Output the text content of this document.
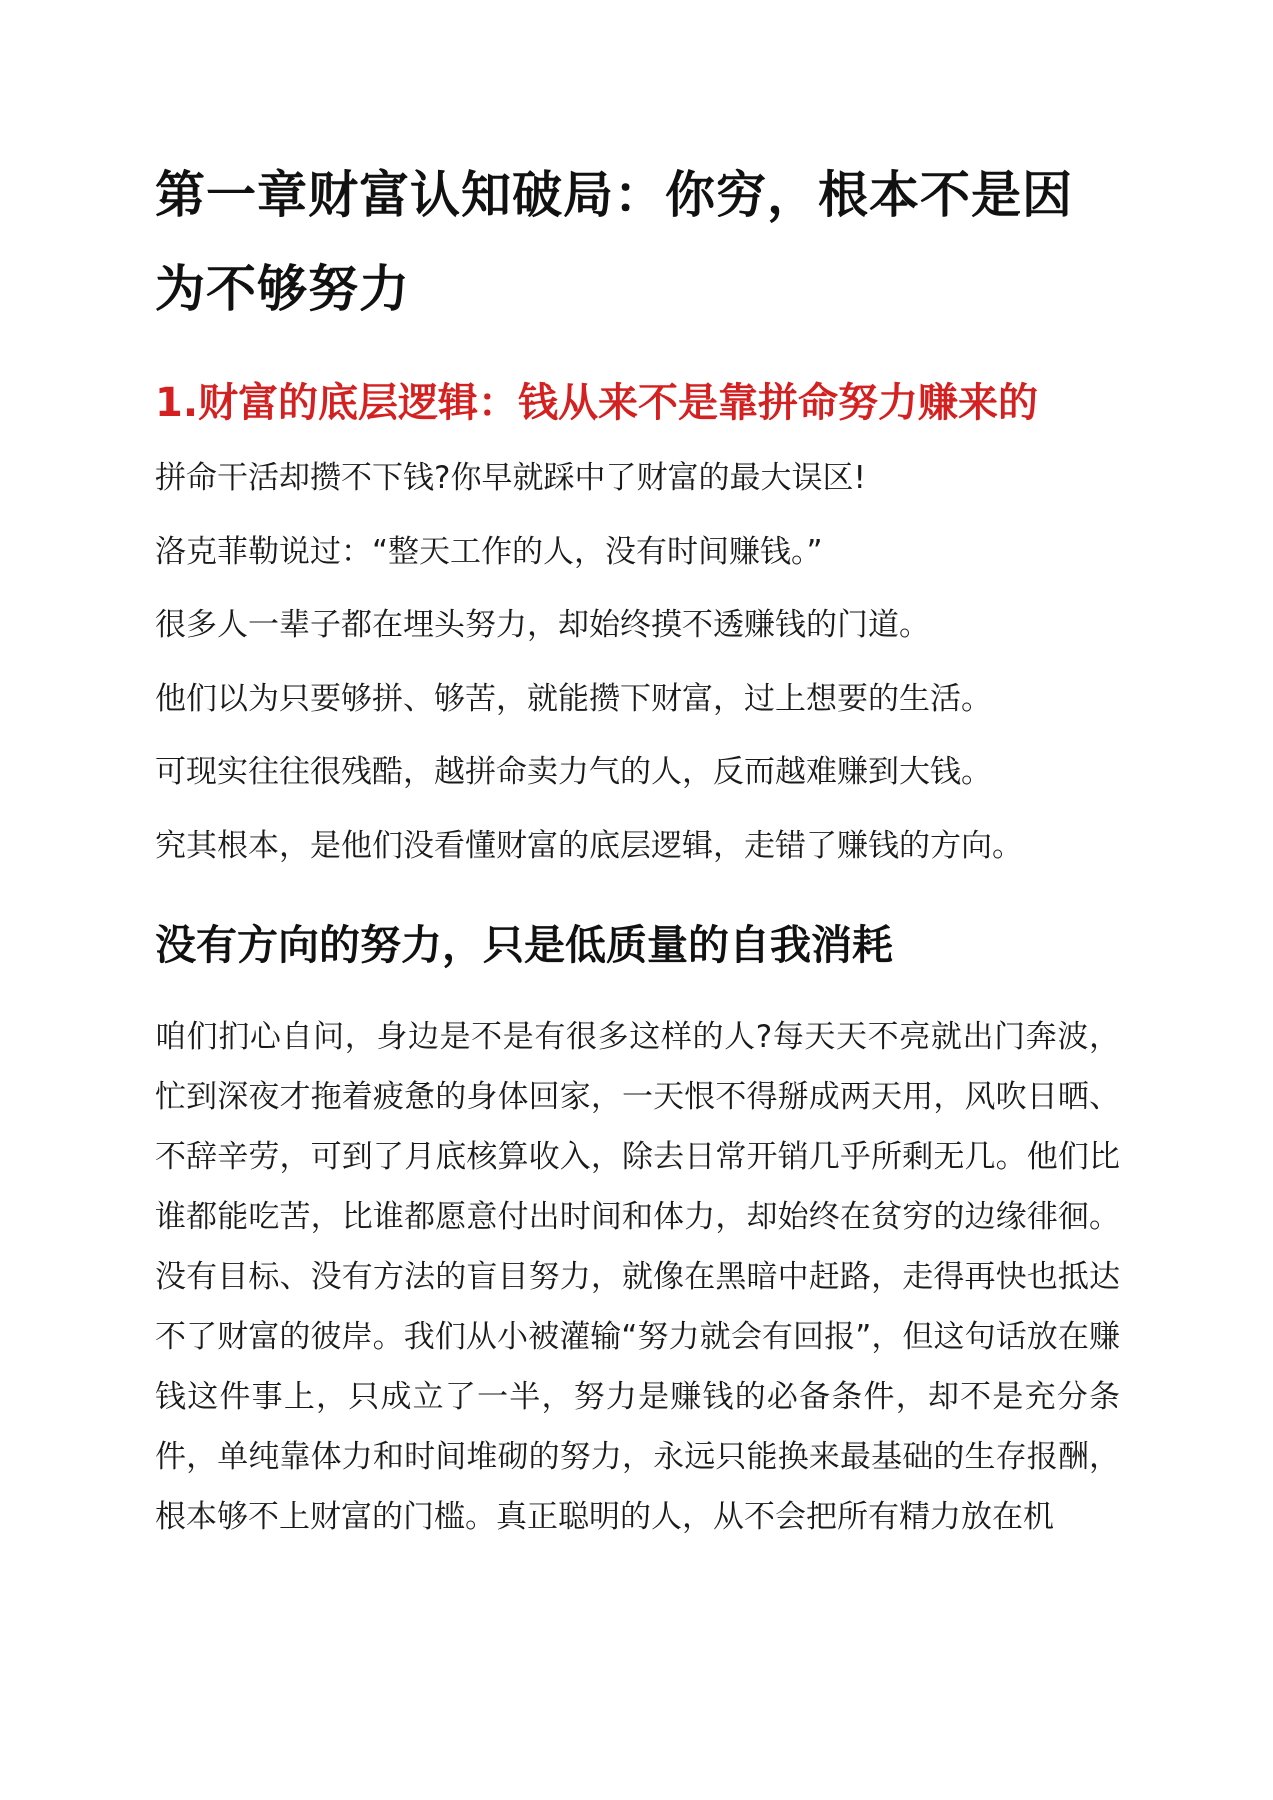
第一章财富认知破局：你穷，根本不是因为不够努力
1.财富的底层逻辑：钱从来不是靠拼命努力赚来的
拼命干活却攒不下钱?你早就踩中了财富的最大误区!
洛克菲勒说过：“整天工作的人，没有时间赚钱。”
很多人一辈子都在埋头努力，却始终摸不透赚钱的门道。
他们以为只要够拼、够苦，就能攒下财富，过上想要的生活。
可现实往往很残酷，越拼命卖力气的人，反而越难赚到大钱。
究其根本，是他们没看懂财富的底层逻辑，走错了赚钱的方向。
没有方向的努力，只是低质量的自我消耗

咱们扪心自问，身边是不是有很多这样的人?每天天不亮就出门奔波，忙到深夜才拖着疲惫的身体回家，一天恨不得掰成两天用，风吹日晒、不辞辛劳，可到了月底核算收入，除去日常开销几乎所剩无几。他们比谁都能吃苦，比谁都愿意付出时间和体力，却始终在贫穷的边缘徘徊。没有目标、没有方法的盲目努力，就像在黑暗中赶路，走得再快也抵达不了财富的彼岸。我们从小被灌输“努力就会有回报”，但这句话放在赚钱这件事上，只成立了一半，努力是赚钱的必备条件，却不是充分条件，单纯靠体力和时间堆砌的努力，永远只能换来最基础的生存报酬，根本够不上财富的门槛。真正聪明的人，从不会把所有精力放在机
